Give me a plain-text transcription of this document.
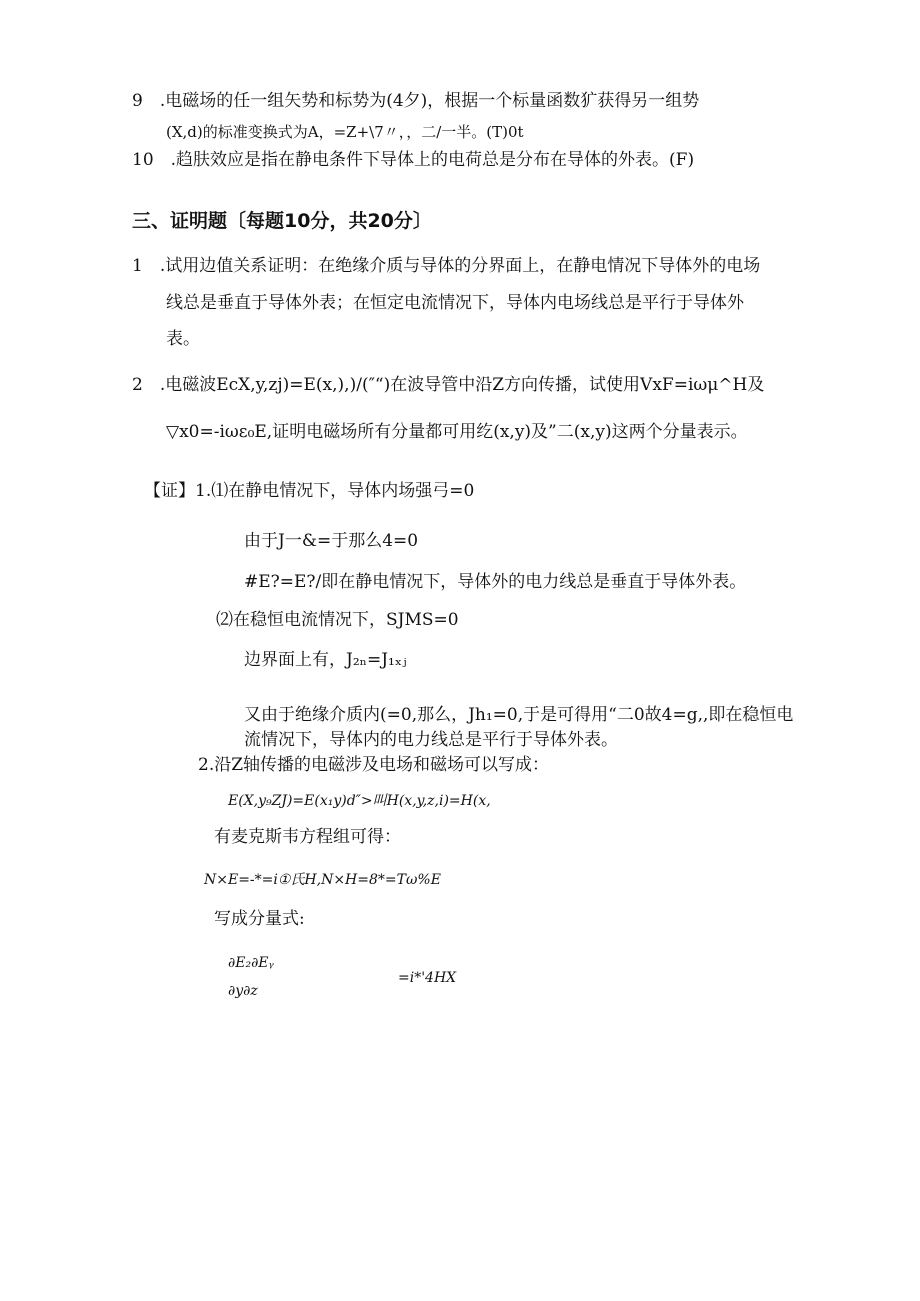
9　.电磁场的任一组矢势和标势为(4夕)，根据一个标量函数犷获得另一组势
(X,d)的标准变换式为A，=Z+\7〃，，二/一半。(T)0t
10　.趋肤效应是指在静电条件下导体上的电荷总是分布在导体的外表。(F)
三、证明题〔每题10分，共20分〕
1　.试用边值关系证明：在绝缘介质与导体的分界面上，在静电情况下导体外的电场
线总是垂直于导体外表；在恒定电流情况下，导体内电场线总是平行于导体外
表。
2　.电磁波EcX,y,zj)=E(x,),)/(″“)在波导管中沿Z方向传播，试使用VxF=iωμ^H及
▽x0=-iωε₀E,证明电磁场所有分量都可用纥(x,y)及”二(x,y)这两个分量表示。
【证】1.⑴在静电情况下，导体内场强弓=0
由于J一&=于那么4=0
#E?=E?/即在静电情况下，导体外的电力线总是垂直于导体外表。
⑵在稳恒电流情况下，SJMS=0
边界面上有，J₂ₙ=J₁ₓⱼ
又由于绝缘介质内(=0,那么，Jh₁=0,于是可得用“二0故4=g,,即在稳恒电
流情况下，导体内的电力线总是平行于导体外表。
2.沿Z轴传播的电磁涉及电场和磁场可以写成：
E(X,y₉ZJ)=E(x₁y)d″>叫H(x,y,z,i)=H(x,
有麦克斯韦方程组可得：
N×E=-*=i①氏H,N×H=8*=Tω%E
写成分量式:
∂E₂∂Eᵧ
∂y∂z
=i*'4HX
